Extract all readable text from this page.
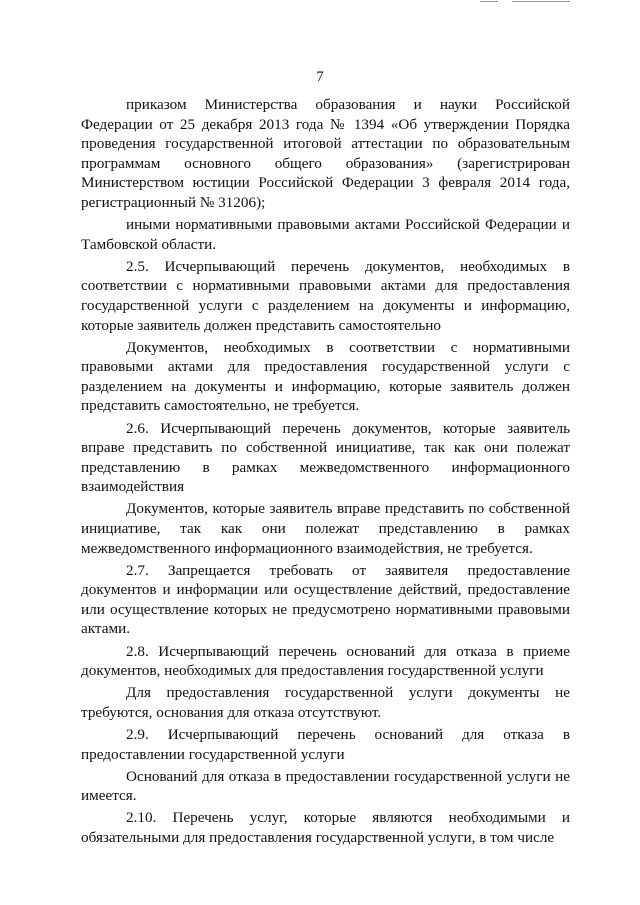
7

приказом Министерства образования и науки Российской Федерации от 25 декабря 2013 года № 1394 «Об утверждении Порядка проведения государственной итоговой аттестации по образовательным программам основного общего образования» (зарегистрирован Министерством юстиции Российской Федерации 3 февраля 2014 года, регистрационный № 31206);

иными нормативными правовыми актами Российской Федерации и Тамбовской области.

2.5. Исчерпывающий перечень документов, необходимых в соответствии с нормативными правовыми актами для предоставления государственной услуги с разделением на документы и информацию, которые заявитель должен представить самостоятельно

Документов, необходимых в соответствии с нормативными правовыми актами для предоставления государственной услуги с разделением на документы и информацию, которые заявитель должен представить самостоятельно, не требуется.

2.6. Исчерпывающий перечень документов, которые заявитель вправе представить по собственной инициативе, так как они полежат представлению в рамках межведомственного информационного взаимодействия

Документов, которые заявитель вправе представить по собственной инициативе, так как они полежат представлению в рамках межведомственного информационного взаимодействия, не требуется.

2.7. Запрещается требовать от заявителя предоставление документов и информации или осуществление действий, предоставление или осуществление которых не предусмотрено нормативными правовыми актами.

2.8. Исчерпывающий перечень оснований для отказа в приеме документов, необходимых для предоставления государственной услуги

Для предоставления государственной услуги документы не требуются, основания для отказа отсутствуют.

2.9. Исчерпывающий перечень оснований для отказа в предоставлении государственной услуги

Оснований для отказа в предоставлении государственной услуги не имеется.

2.10. Перечень услуг, которые являются необходимыми и обязательными для предоставления государственной услуги, в том числе
